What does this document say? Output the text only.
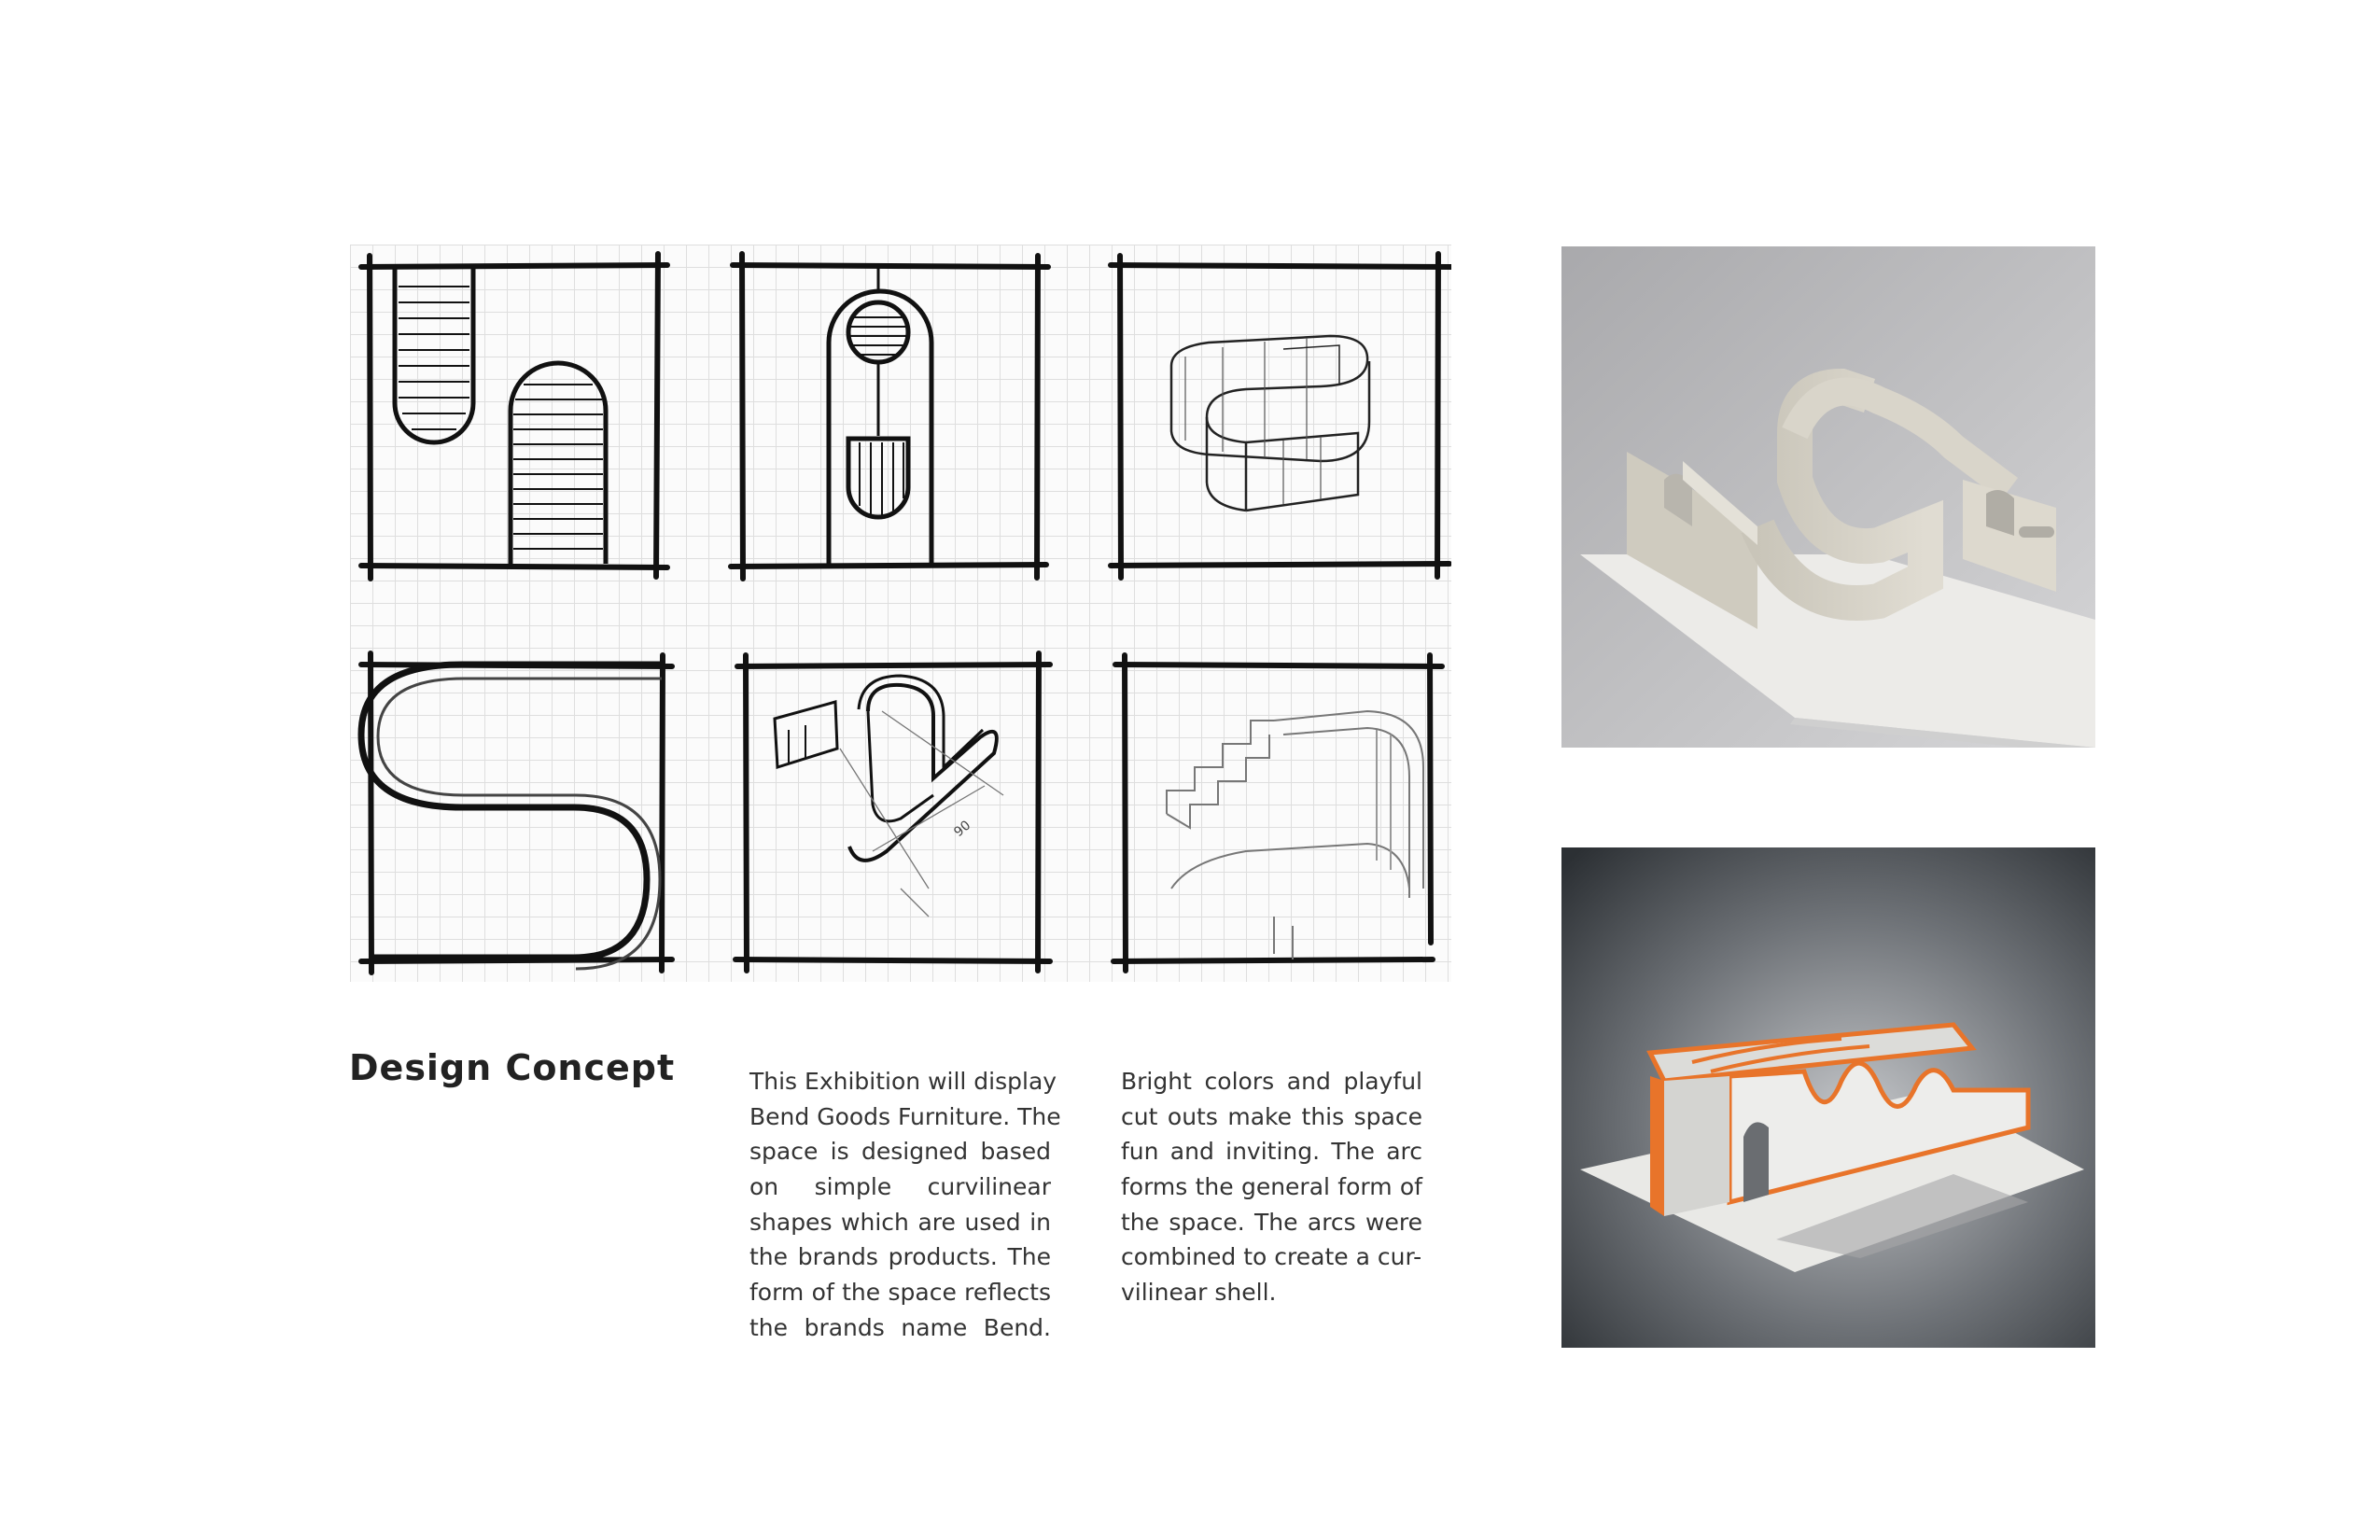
90
Design Concept	This Exhibition will display
Bend Goods Furniture. The
space is designed based
on simple curvilinear
shapes which are used in
the brands products. The
form of the space reflects
the brands name Bend.
Bright colors and playful
cut outs make this space
fun and inviting. The arc
forms the general form of
the space. The arcs were
combined to create a cur-
vilinear shell.
